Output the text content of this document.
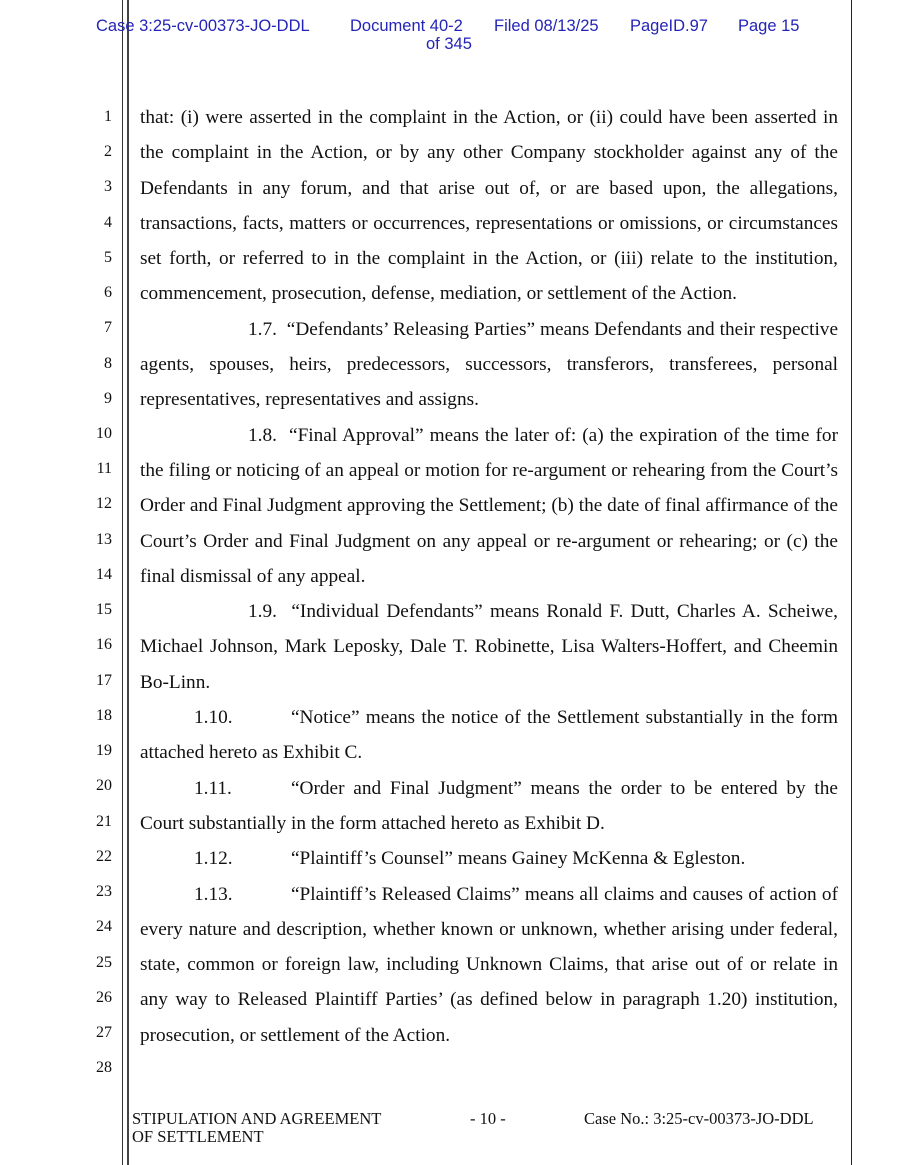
Case 3:25-cv-00373-JO-DDL Document 40-2
of 345
Filed 08/13/25 PageID.97 Page 15
1
2
3
4
5
6
7
8
9
10
11
12
13
14
15
16
17
18
19
20
21
22
23
24
25
26
27
28

that: (i) were asserted in the complaint in the Action, or (ii) could have been asserted in the complaint in the Action, or by any other Company stockholder against any of the Defendants in any forum, and that arise out of, or are based upon, the allegations, transactions, facts, matters or occurrences, representations or omissions, or circumstances set forth, or referred to in the complaint in the Action, or (iii) relate to the institution, commencement, prosecution, defense, mediation, or settlement of the Action.

1.7. “Defendants’ Releasing Parties” means Defendants and their respective agents, spouses, heirs, predecessors, successors, transferors, transferees, personal representatives, representatives and assigns.

1.8. “Final Approval” means the later of: (a) the expiration of the time for the filing or noticing of an appeal or motion for re-argument or rehearing from the Court’s Order and Final Judgment approving the Settlement; (b) the date of final affirmance of the Court’s Order and Final Judgment on any appeal or re-argument or rehearing; or (c) the final dismissal of any appeal.

1.9. “Individual Defendants” means Ronald F. Dutt, Charles A. Scheiwe, Michael Johnson, Mark Leposky, Dale T. Robinette, Lisa Walters-Hoffert, and Cheemin Bo-Linn.

1.10.	“Notice” means the notice of the Settlement substantially in the form attached hereto as Exhibit C.

1.11.	“Order and Final Judgment” means the order to be entered by the Court substantially in the form attached hereto as Exhibit D.

1.12.	“Plaintiff’s Counsel” means Gainey McKenna & Egleston.

1.13.	“Plaintiff’s Released Claims” means all claims and causes of action of every nature and description, whether known or unknown, whether arising under federal, state, common or foreign law, including Unknown Claims, that arise out of or relate in any way to Released Plaintiff Parties’ (as defined below in paragraph 1.20) institution, prosecution, or settlement of the Action.

STIPULATION AND AGREEMENT
OF SETTLEMENT
- 10 -	Case No.: 3:25-cv-00373-JO-DDL
